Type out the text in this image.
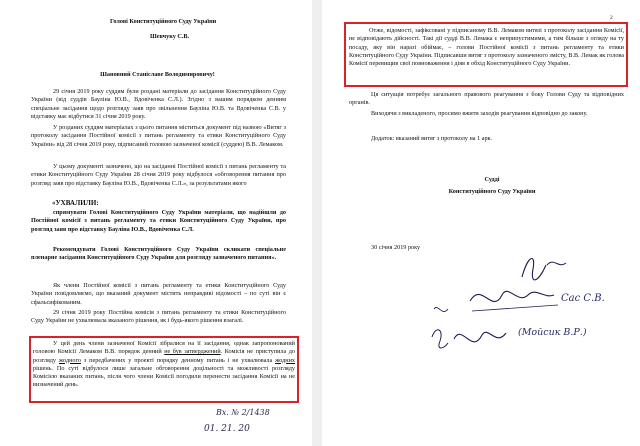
Голові Конституційного Суду України

Шевчуку С.В.

Шановний Станіславе Володимировичу!

29 січня 2019 року суддям були роздані матеріали до засідання Конституційного Суду України (від суддів Бауліна Ю.В., Вдовіченка С.Л.). Згідно з вашим порядком денним спеціальне засідання щодо розгляду заяв про звільнення Бауліна Ю.В. та Вдовіченка С.В. у відставку має відбутися 31 січня 2019 року.

У розданих суддям матеріалах з цього питання міститься документ під назвою «Витяг з протоколу засідання Постійної комісії з питань регламенту та етики Конституційного Суду України» від 28 січня 2019 року, підписаний головою зазначеної комісії (суддею) В.В. Лемаком.

У цьому документі зазначено, що на засіданні Постійної комісії з питань регламенту та етики Конституційного Суду України 28 січня 2019 року відбулося «обговорення питання про розгляд заяв про відставку Бауліна Ю.В., Вдовіченка С.Л.», за результатами якого

«УХВАЛИЛИ:

спрямувати Голові Конституційного Суду України матеріали, що надійшли до Постійної комісії з питань регламенту та етики Конституційного Суду України, про розгляд заяв про відставку Бауліна Ю.В., Вдовіченка С.Л.

Рекомендувати Голові Конституційного Суду України скликати спеціальне пленарне засідання Конституційного Суду України для розгляду зазначеного питання».

Як члени Постійної комісії з питань регламенту та етики Конституційного Суду України повідомляємо, що вказаний документ містить неправдиві відомості – по суті він є сфальсифікованим.

29 січня 2019 року Постійна комісія з питань регламенту та етики Конституційного Суду України не ухвалювала вказаного рішення, як і будь-якого рішення взагалі.

У цей день члени зазначеної Комісії зібралися на її засідання, однак запропонований головою Комісії Лемаком В.В. порядок денний не був затверджений. Комісія не приступила до розгляду жодного з передбачених у проекті порядку денному питань і не ухвалювала жодних рішень. По суті відбулося лише загальне обговорення доцільності та можливості розгляду Комісією вказаних питань, після чого члени Комісії погодили перенести засідання Комісії на не визначений день.

Вх. № 2/1438
01. 21. 20

2

Отже, відомості, зафіксовані у підписаному В.В. Лемаком витязі з протоколу засідання Комісії, не відповідають дійсності. Такі дії судді В.В. Лемака є неприпустимими, а тим більше з огляду на ту посаду, яку він наразі обіймає, – голови Постійної комісії з питань регламенту та етики Конституційного Суду України. Підписавши витяг з протоколу зазначеного змісту, В.В. Лемак як голова Комісії перевищив свої повноваження і діяв в обхід Конституційного Суду України.

Ця ситуація потребує загального правового реагування з боку Голови Суду та відповідних органів.

Виходячи з викладеного, просимо вжити заходів реагування відповідно до закону.

Додаток: вказаний витяг з протоколу на 1 арк.

Судді

Конституційного Суду України

30 січня 2019 року

Сас С.В.
(Мойсик В.Р.)
